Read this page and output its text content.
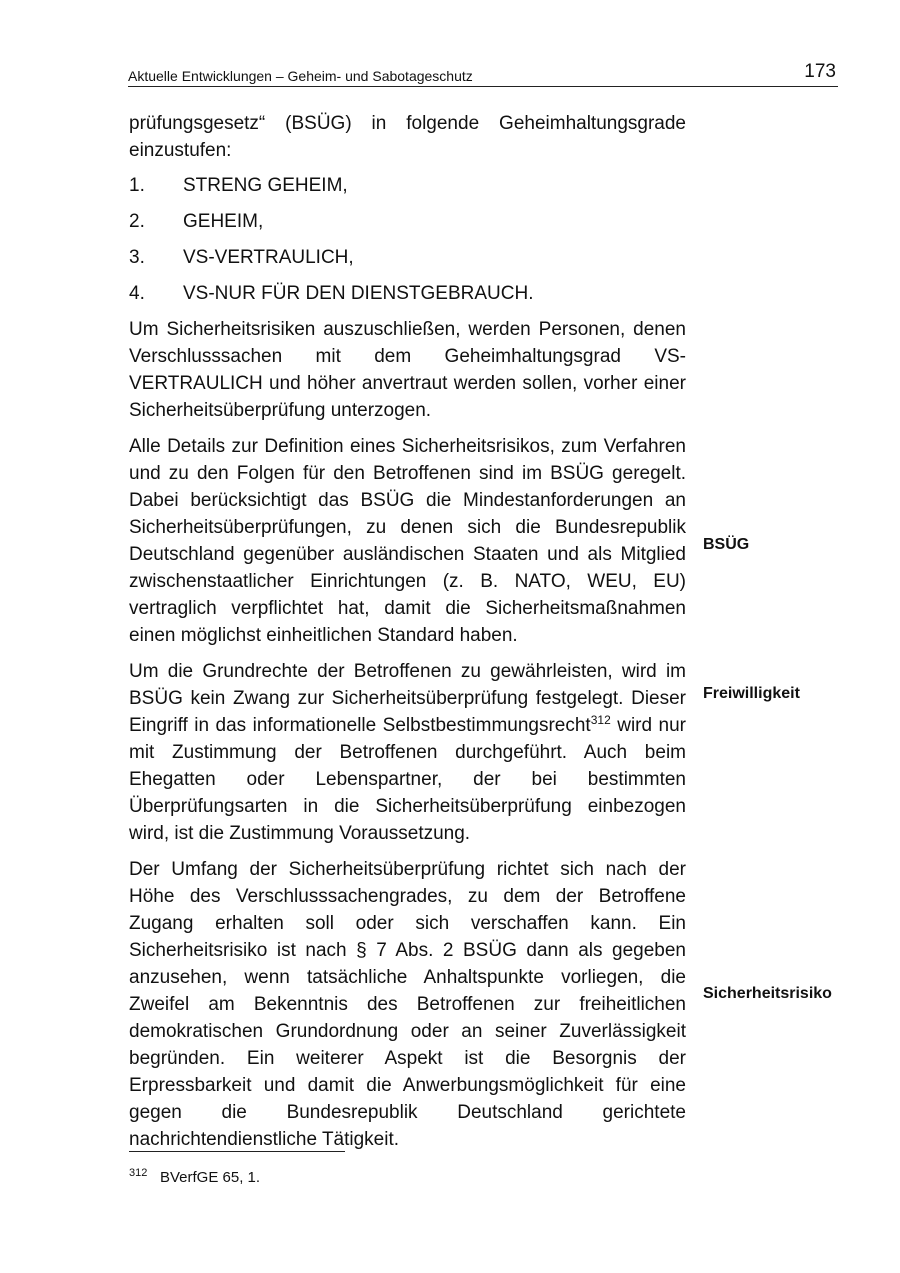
Aktuelle Entwicklungen – Geheim- und Sabotageschutz	173

prüfungsgesetz“ (BSÜG) in folgende Geheimhaltungsgrade einzustufen:

1.	STRENG GEHEIM,
2.	GEHEIM,
3.	VS-VERTRAULICH,
4.	VS-NUR FÜR DEN DIENSTGEBRAUCH.

Um Sicherheitsrisiken auszuschließen, werden Personen, denen Verschlusssachen mit dem Geheimhaltungsgrad VS-VERTRAULICH und höher anvertraut werden sollen, vorher einer Sicherheitsüberprüfung unterzogen.

Alle Details zur Definition eines Sicherheitsrisikos, zum Verfahren und zu den Folgen für den Betroffenen sind im BSÜG geregelt. Dabei berücksichtigt das BSÜG die Mindestanforderungen an Sicherheitsüberprüfungen, zu denen sich die Bundesrepublik Deutschland gegenüber ausländischen Staaten und als Mitglied zwischenstaatlicher Einrichtungen (z. B. NATO, WEU, EU) vertraglich verpflichtet hat, damit die Sicherheitsmaßnahmen einen möglichst einheitlichen Standard haben.

Um die Grundrechte der Betroffenen zu gewährleisten, wird im BSÜG kein Zwang zur Sicherheitsüberprüfung festgelegt. Dieser Eingriff in das informationelle Selbstbestimmungsrecht$^{312}$ wird nur mit Zustimmung der Betroffenen durchgeführt. Auch beim Ehegatten oder Lebenspartner, der bei bestimmten Überprüfungsarten in die Sicherheitsüberprüfung einbezogen wird, ist die Zustimmung Voraussetzung.

Der Umfang der Sicherheitsüberprüfung richtet sich nach der Höhe des Verschlusssachengrades, zu dem der Betroffene Zugang erhalten soll oder sich verschaffen kann. Ein Sicherheitsrisiko ist nach § 7 Abs. 2 BSÜG dann als gegeben anzusehen, wenn tatsächliche Anhaltspunkte vorliegen, die Zweifel am Bekenntnis des Betroffenen zur freiheitlichen demokratischen Grundordnung oder an seiner Zuverlässigkeit begründen. Ein weiterer Aspekt ist die Besorgnis der Erpressbarkeit und damit die Anwerbungsmöglichkeit für eine gegen die Bundesrepublik Deutschland gerichtete nachrichtendienstliche Tätigkeit.

BSÜG
Freiwilligkeit
Sicherheitsrisiko
312 BVerfGE 65, 1.
